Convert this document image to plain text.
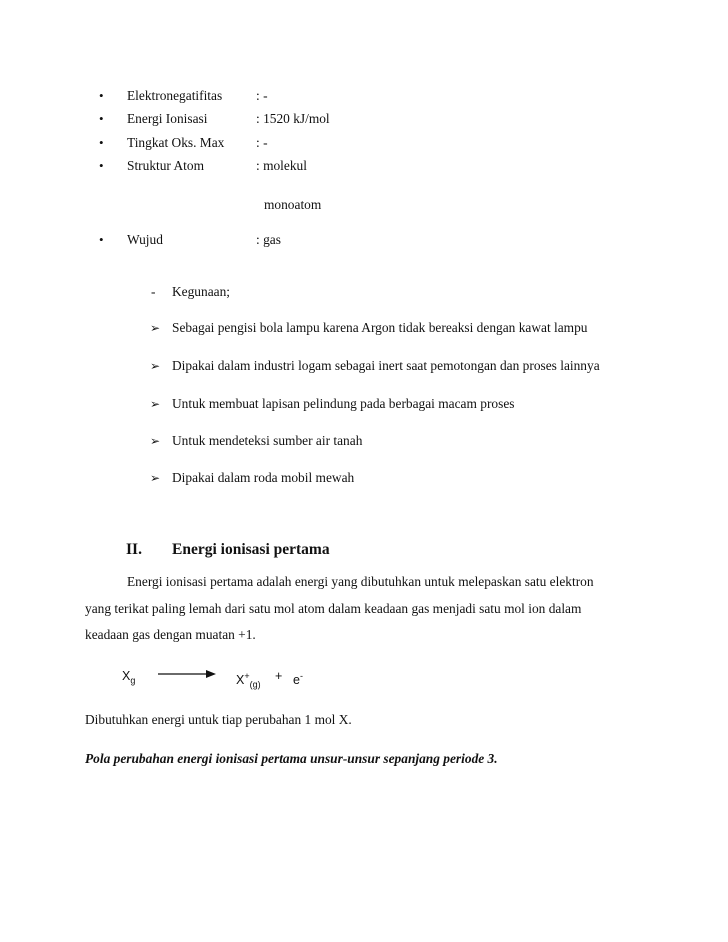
• Elektronegatifitas	: -
• Energi Ionisasi	: 1520 kJ/mol
• Tingkat Oks. Max : -
• Struktur Atom	: molekul
monoatom
• Wujud	: gas
- Kegunaan;
➢ Sebagai pengisi bola lampu karena Argon tidak bereaksi dengan kawat lampu
➢ Dipakai dalam industri logam sebagai inert saat pemotongan dan proses lainnya
➢ Untuk membuat lapisan pelindung pada berbagai macam proses
➢ Untuk mendeteksi sumber air tanah
➢ Dipakai dalam roda mobil mewah
II. Energi ionisasi pertama
Energi ionisasi pertama adalah energi yang dibutuhkan untuk melepaskan satu elektron
yang terikat paling lemah dari satu mol atom dalam keadaan gas menjadi satu mol ion dalam
keadaan gas dengan muatan +1.
$X_g \to X^+_{(g)}$
+ e-
Dibutuhkan energi untuk tiap perubahan 1 mol X.
Pola perubahan energi ionisasi pertama unsur-unsur sepanjang periode 3.
